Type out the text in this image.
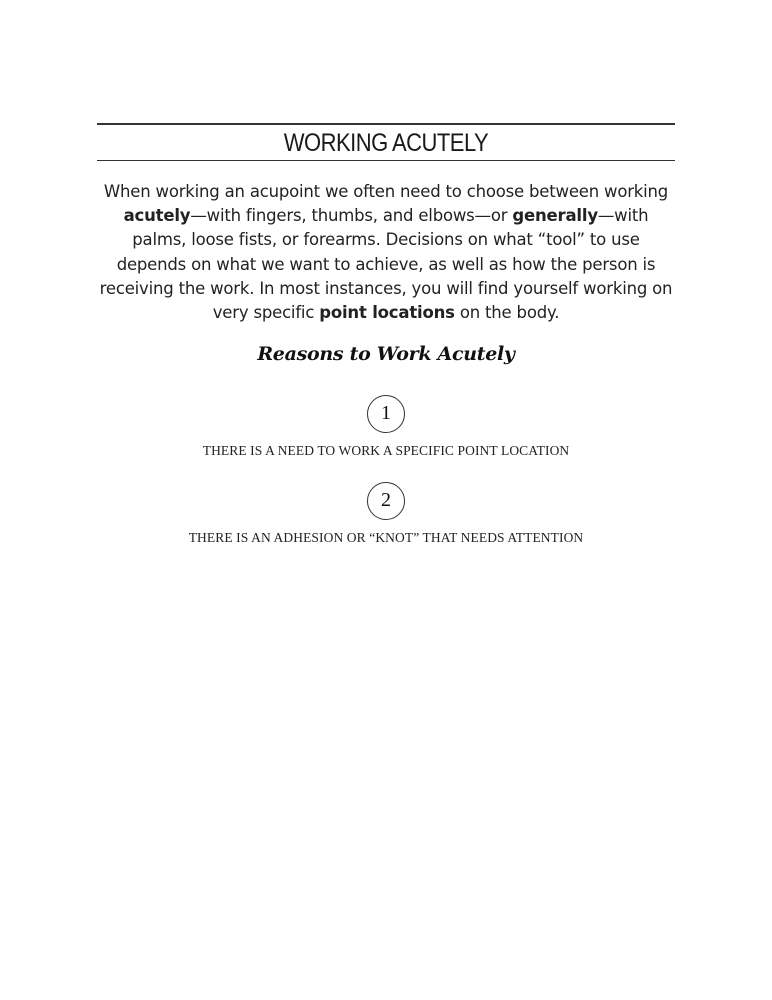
WORKING ACUTELY

When working an acupoint we often need to choose between working acutely—with fingers, thumbs, and elbows—or generally—with palms, loose fists, or forearms. Decisions on what “tool” to use depends on what we want to achieve, as well as how the person is receiving the work. In most instances, you will find yourself working on very specific point locations on the body.

Reasons to Work Acutely
1
THERE IS A NEED TO WORK A SPECIFIC POINT LOCATION
2
THERE IS AN ADHESION OR “KNOT” THAT NEEDS ATTENTION
